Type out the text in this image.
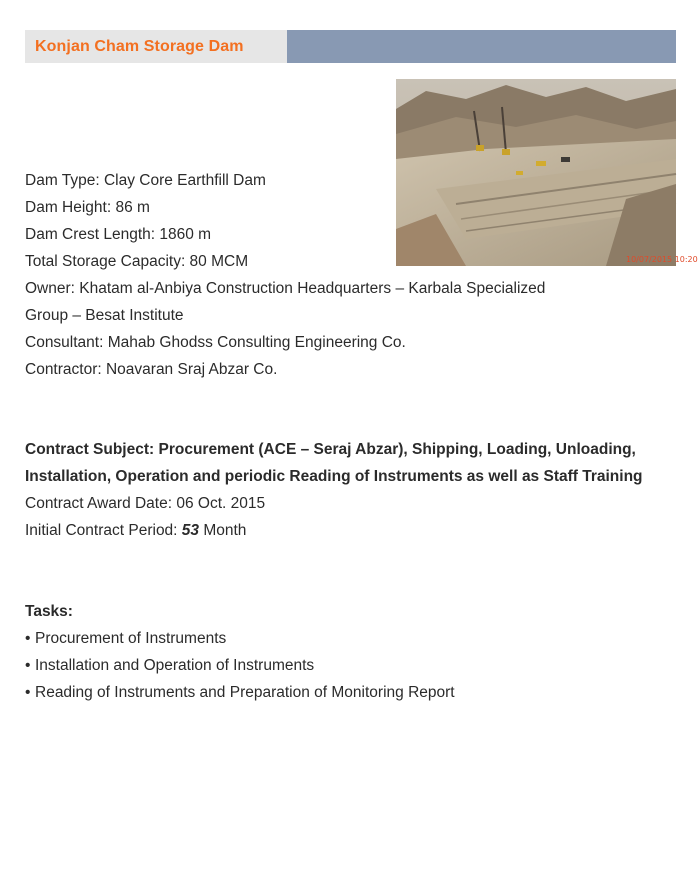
Konjan Cham Storage Dam
10/07/2015 10:20
Dam Type: Clay Core Earthfill Dam
Dam Height: 86 m
Dam Crest Length: 1860 m
Total Storage Capacity: 80 MCM
Owner: Khatam al-Anbiya Construction Headquarters – Karbala Specialized
Group – Besat Institute
Consultant: Mahab Ghodss Consulting Engineering Co.
Contractor: Noavaran Sraj Abzar Co.
Contract Subject: Procurement (ACE – Seraj Abzar), Shipping, Loading, Unloading,
Installation, Operation and periodic Reading of Instruments as well as Staff Training
Contract Award Date: 06 Oct. 2015
Initial Contract Period: 53 Month
Tasks:
• Procurement of Instruments
• Installation and Operation of Instruments
• Reading of Instruments and Preparation of Monitoring Report
